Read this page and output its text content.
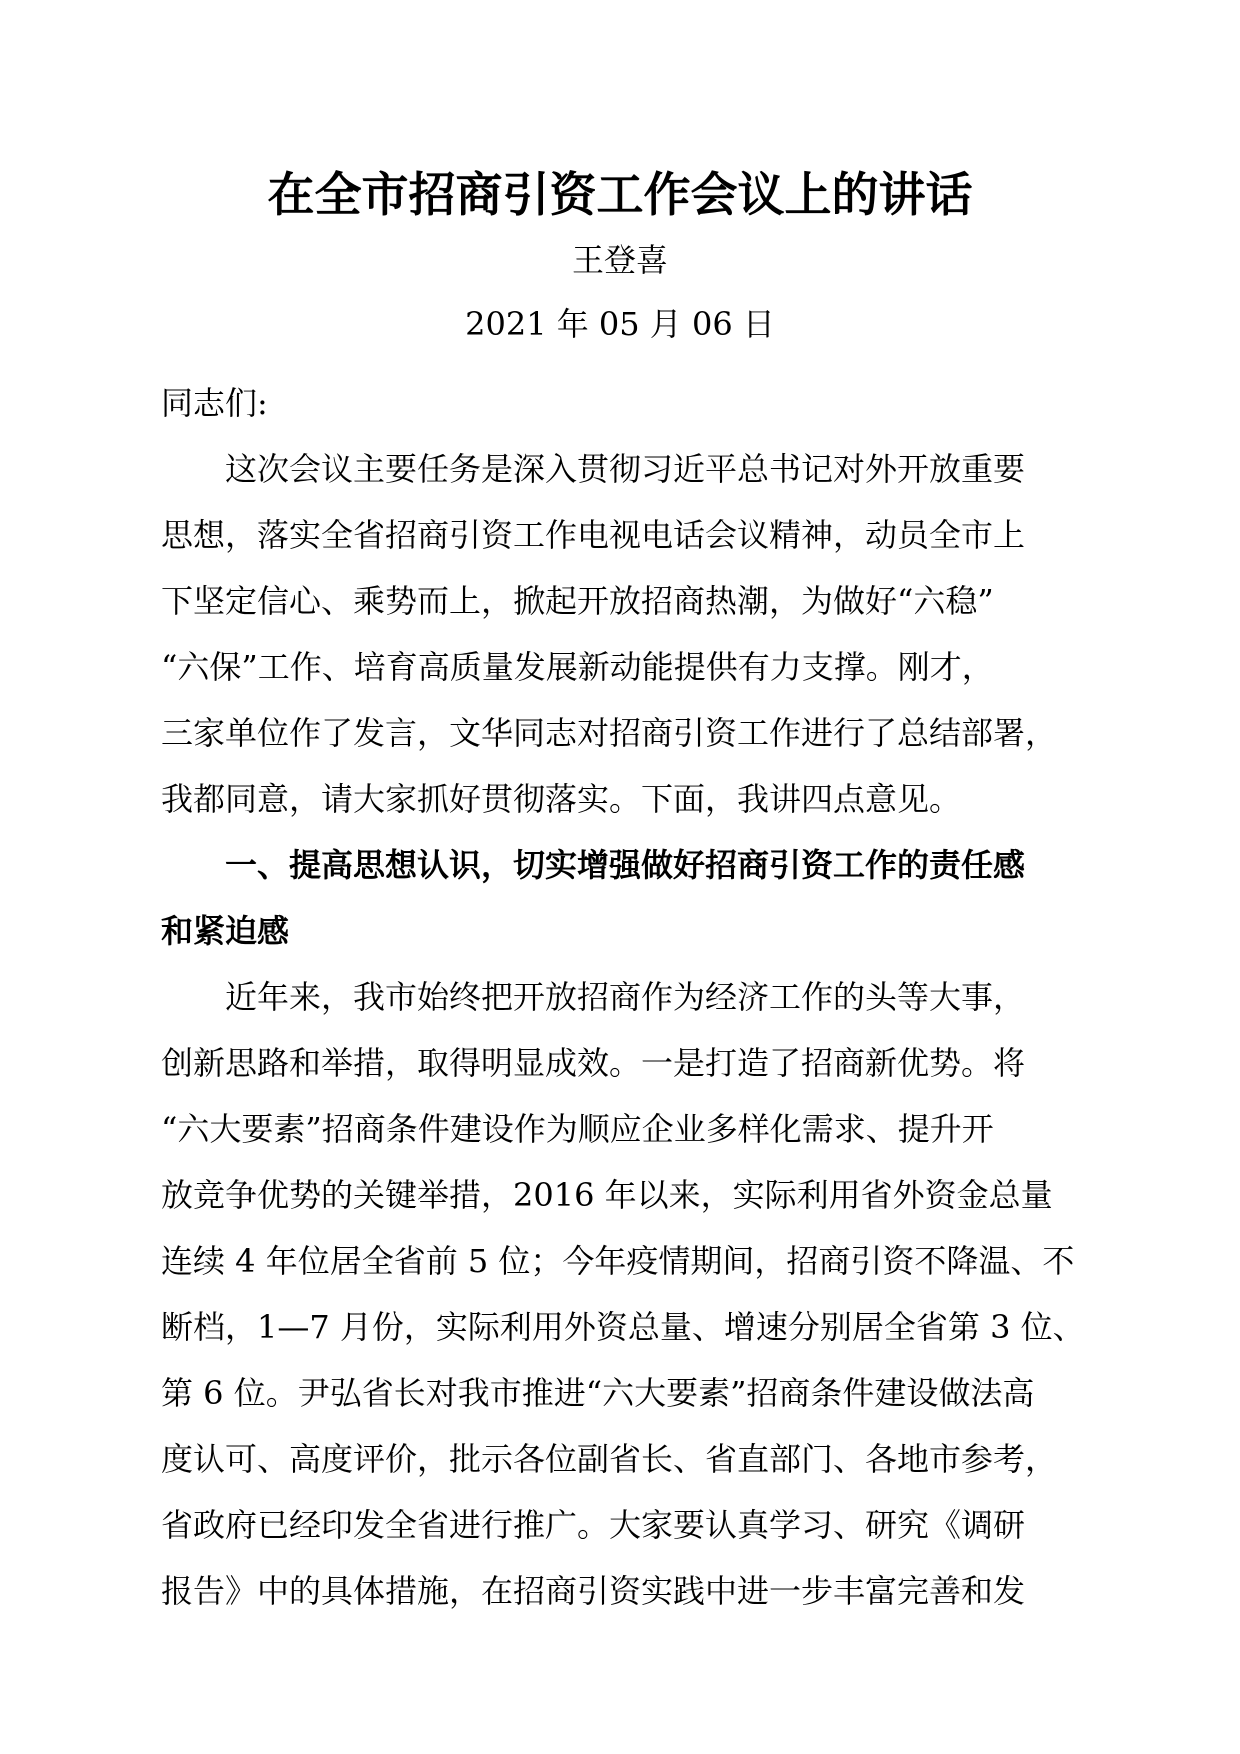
在全市招商引资工作会议上的讲话
王登喜
2021 年 05 月 06 日
同志们:
　　这次会议主要任务是深入贯彻习近平总书记对外开放重要
思想，落实全省招商引资工作电视电话会议精神，动员全市上
下坚定信心、乘势而上，掀起开放招商热潮，为做好“六稳”
“六保”工作、培育高质量发展新动能提供有力支撑。刚才，
三家单位作了发言，文华同志对招商引资工作进行了总结部署，
我都同意，请大家抓好贯彻落实。下面，我讲四点意见。
　　一、提高思想认识，切实增强做好招商引资工作的责任感
和紧迫感
　　近年来，我市始终把开放招商作为经济工作的头等大事，
创新思路和举措，取得明显成效。一是打造了招商新优势。将
“六大要素”招商条件建设作为顺应企业多样化需求、提升开
放竞争优势的关键举措，2016 年以来，实际利用省外资金总量
连续 4 年位居全省前 5 位；今年疫情期间，招商引资不降温、不
断档，1—7 月份，实际利用外资总量、增速分别居全省第 3 位、
第 6 位。尹弘省长对我市推进“六大要素”招商条件建设做法高
度认可、高度评价，批示各位副省长、省直部门、各地市参考，
省政府已经印发全省进行推广。大家要认真学习、研究《调研
报告》中的具体措施，在招商引资实践中进一步丰富完善和发
